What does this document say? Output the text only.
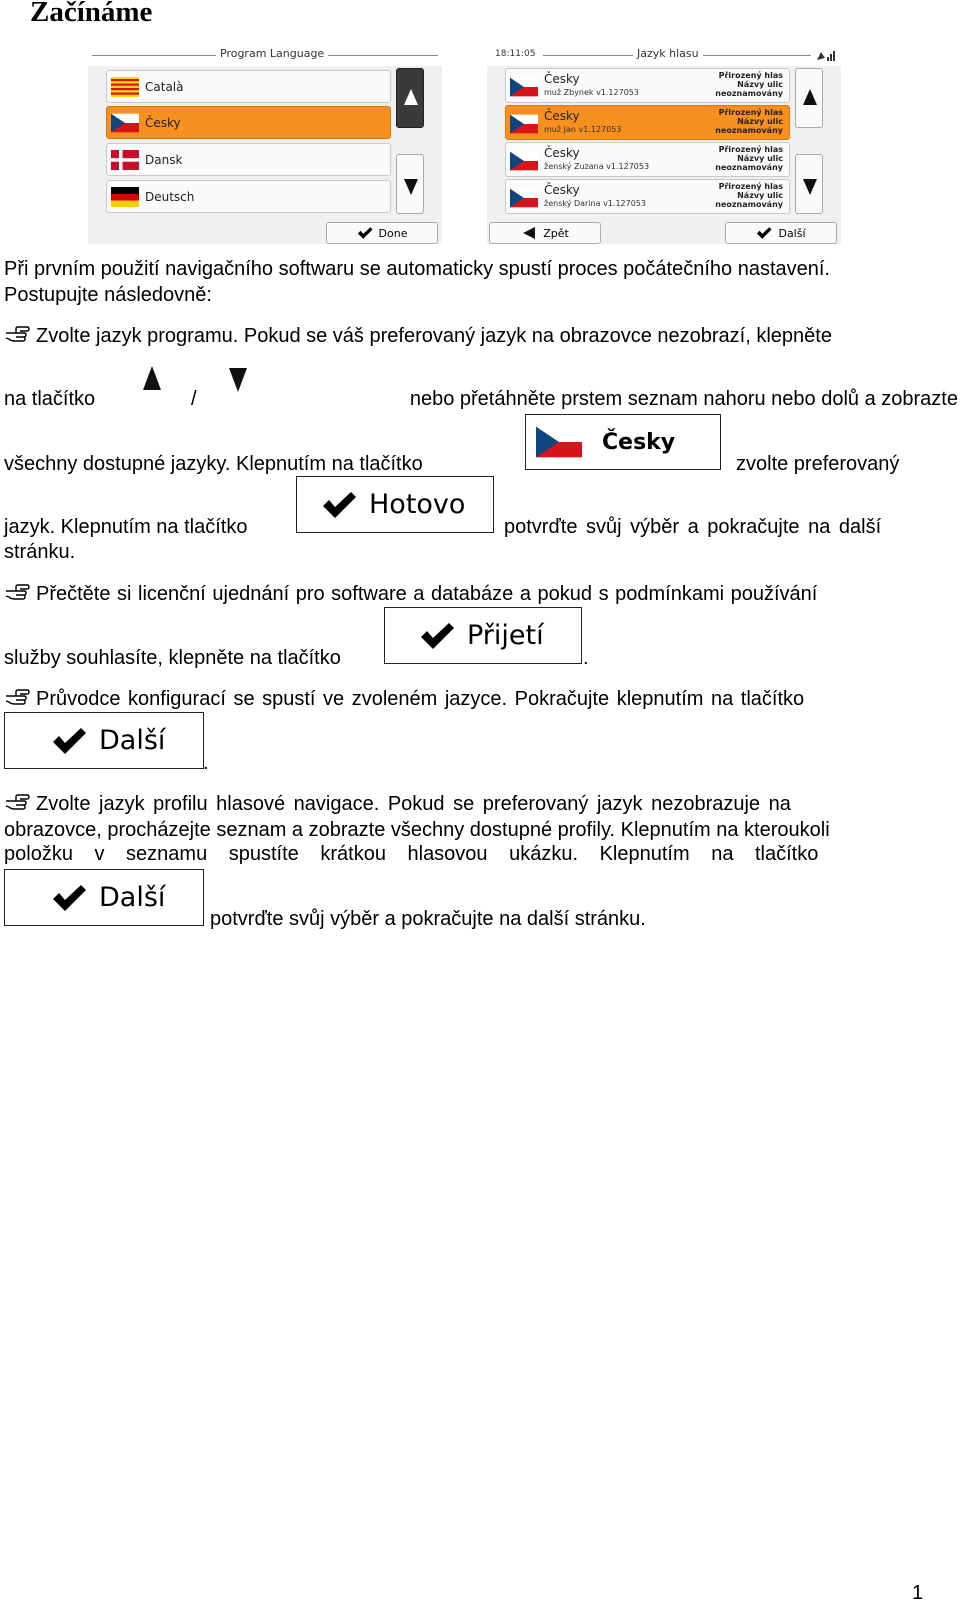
Začínáme
Program Language
Català
Česky
Dansk
Deutsch
Done
18:11:05	Jazyk hlasu
Česky
muž Zbynek v1.127053
Přirozený hlas
Názvy ulic
neoznamovány
Česky
muž Jan v1.127053
Přirozený hlas
Názvy ulic
neoznamovány
Česky
ženský Zuzana v1.127053
Přirozený hlas
Názvy ulic
neoznamovány
Česky
ženský Darina v1.127053
Přirozený hlas
Názvy ulic
neoznamovány
Zpět	Další
Při prvním použití navigačního softwaru se automaticky spustí proces počátečního nastavení.
Postupujte následovně:
Zvolte jazyk programu. Pokud se váš preferovaný jazyk na obrazovce nezobrazí, klepněte
na tlačítko	/	nebo přetáhněte prstem seznam nahoru nebo dolů a zobrazte
všechny dostupné jazyky. Klepnutím na tlačítko
Česky
zvolte preferovaný
jazyk. Klepnutím na tlačítko
Hotovo
potvrďte svůj výběr a pokračujte na další
stránku.
Přečtěte si licenční ujednání pro software a databáze a pokud s podmínkami používání
služby souhlasíte, klepněte na tlačítko
Přijetí
.
Průvodce konfigurací se spustí ve zvoleném jazyce. Pokračujte klepnutím na tlačítko
Další
.
Zvolte jazyk profilu hlasové navigace. Pokud se preferovaný jazyk nezobrazuje na
obrazovce, procházejte seznam a zobrazte všechny dostupné profily. Klepnutím na kteroukoli
položku v seznamu spustíte krátkou hlasovou ukázku. Klepnutím na tlačítko
Další
potvrďte svůj výběr a pokračujte na další stránku.
1
